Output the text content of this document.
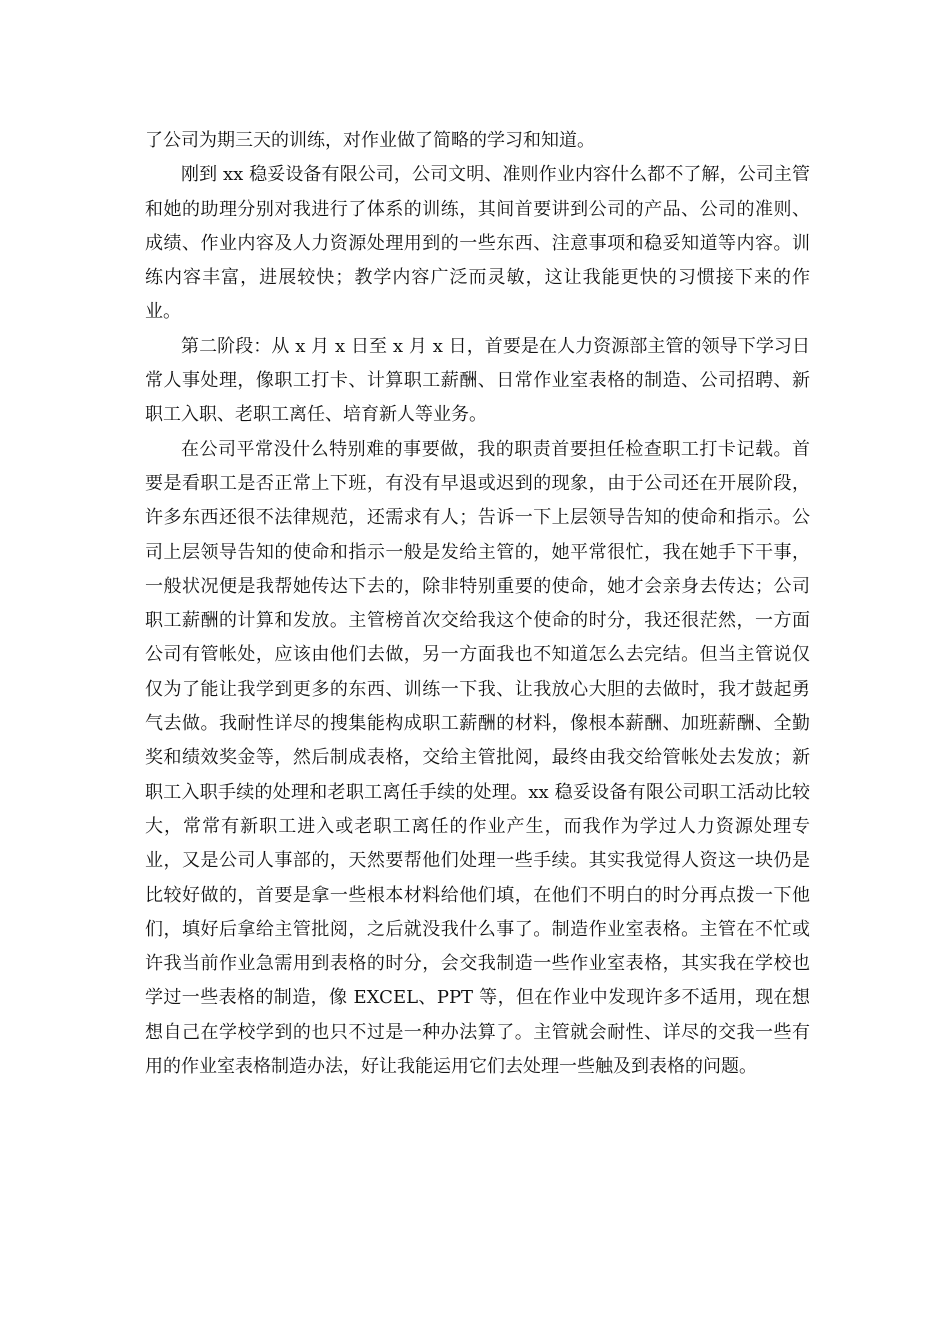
了公司为期三天的训练，对作业做了简略的学习和知道。

刚到 xx 稳妥设备有限公司，公司文明、准则作业内容什么都不了解，公司主管和她的助理分别对我进行了体系的训练，其间首要讲到公司的产品、公司的准则、成绩、作业内容及人力资源处理用到的一些东西、注意事项和稳妥知道等内容。训练内容丰富，进展较快；教学内容广泛而灵敏，这让我能更快的习惯接下来的作业。

第二阶段：从 x 月 x 日至 x 月 x 日，首要是在人力资源部主管的领导下学习日常人事处理，像职工打卡、计算职工薪酬、日常作业室表格的制造、公司招聘、新职工入职、老职工离任、培育新人等业务。

在公司平常没什么特别难的事要做，我的职责首要担任检查职工打卡记载。首要是看职工是否正常上下班，有没有早退或迟到的现象，由于公司还在开展阶段，许多东西还很不法律规范，还需求有人；告诉一下上层领导告知的使命和指示。公司上层领导告知的使命和指示一般是发给主管的，她平常很忙，我在她手下干事，一般状况便是我帮她传达下去的，除非特别重要的使命，她才会亲身去传达；公司职工薪酬的计算和发放。主管榜首次交给我这个使命的时分，我还很茫然，一方面公司有管帐处，应该由他们去做，另一方面我也不知道怎么去完结。但当主管说仅仅为了能让我学到更多的东西、训练一下我、让我放心大胆的去做时，我才鼓起勇气去做。我耐性详尽的搜集能构成职工薪酬的材料，像根本薪酬、加班薪酬、全勤奖和绩效奖金等，然后制成表格，交给主管批阅，最终由我交给管帐处去发放；新职工入职手续的处理和老职工离任手续的处理。xx 稳妥设备有限公司职工活动比较大，常常有新职工进入或老职工离任的作业产生，而我作为学过人力资源处理专业，又是公司人事部的，天然要帮他们处理一些手续。其实我觉得人资这一块仍是比较好做的，首要是拿一些根本材料给他们填，在他们不明白的时分再点拨一下他们，填好后拿给主管批阅，之后就没我什么事了。制造作业室表格。主管在不忙或许我当前作业急需用到表格的时分，会交我制造一些作业室表格，其实我在学校也学过一些表格的制造，像 EXCEL、PPT 等，但在作业中发现许多不适用，现在想想自己在学校学到的也只不过是一种办法算了。主管就会耐性、详尽的交我一些有用的作业室表格制造办法，好让我能运用它们去处理一些触及到表格的问题。
